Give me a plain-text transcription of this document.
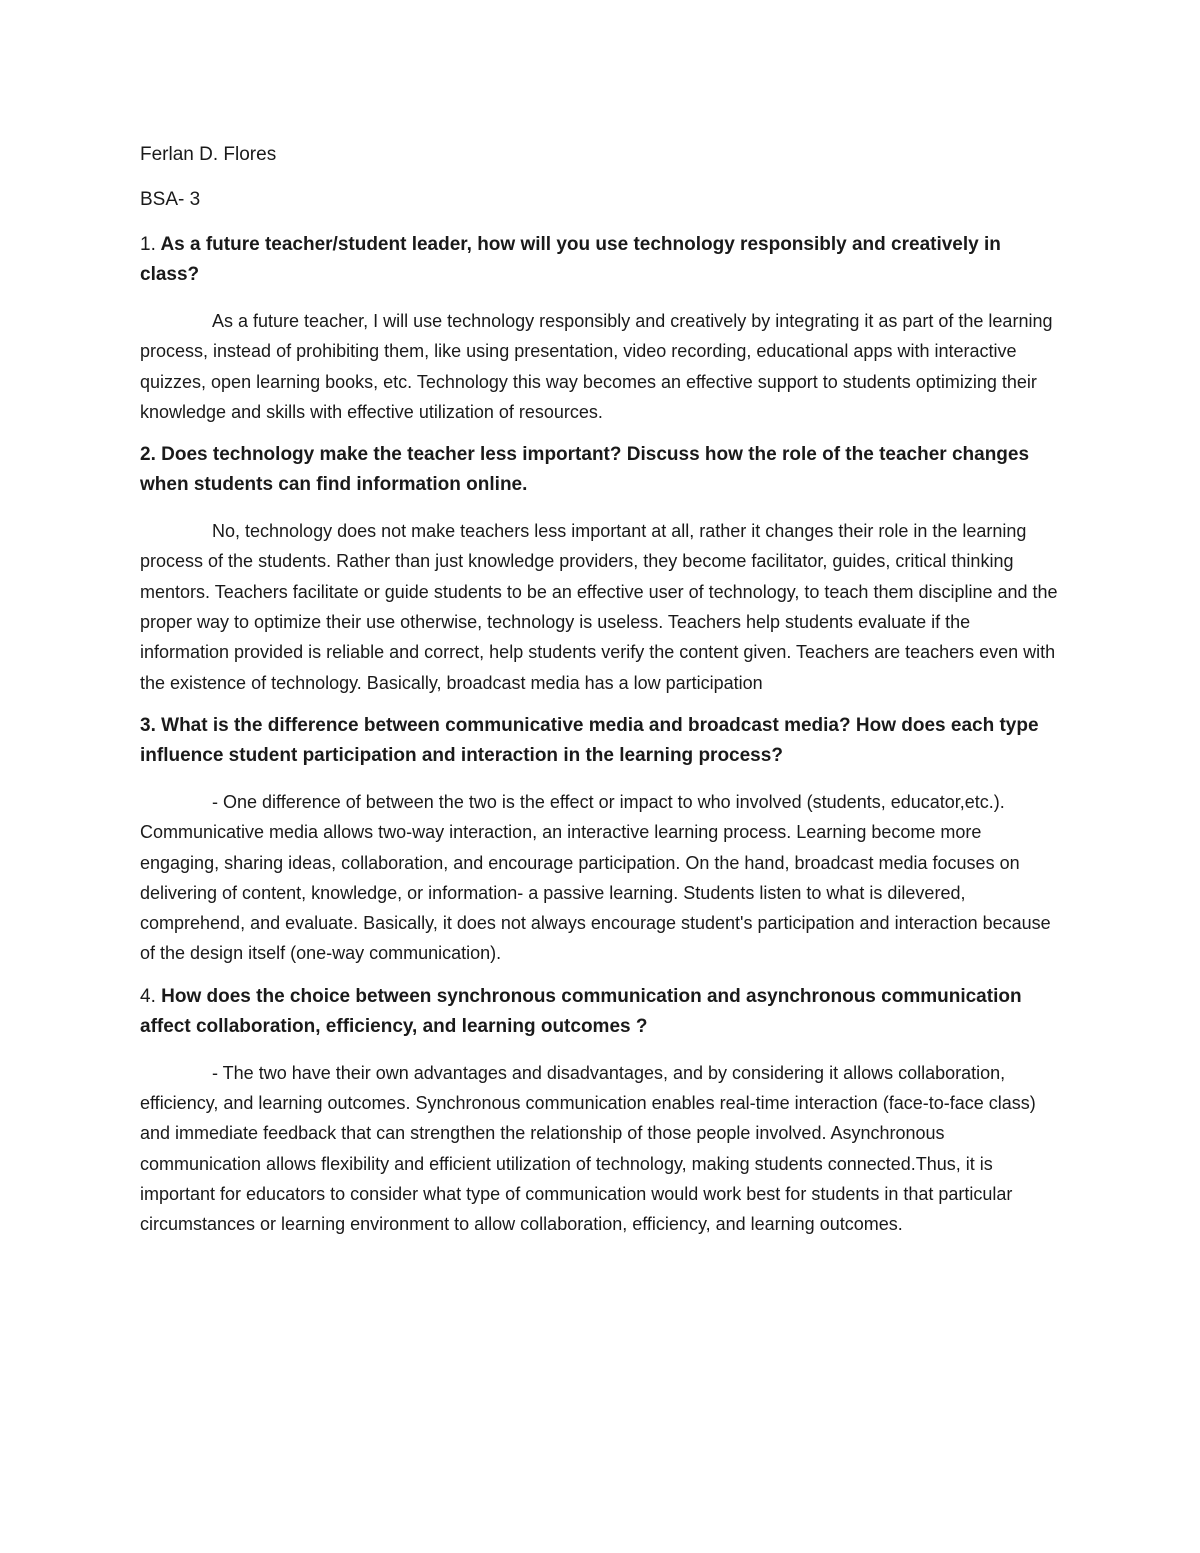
Ferlan D. Flores

BSA- 3

1. As a future teacher/student leader, how will you use technology responsibly and creatively in class?

As a future teacher, I will use technology responsibly and creatively by integrating it as part of the learning process, instead of prohibiting them, like using presentation, video recording, educational apps with interactive quizzes, open learning books, etc. Technology this way becomes an effective support to students optimizing their knowledge and skills with effective utilization of resources.

2. Does technology make the teacher less important? Discuss how the role of the teacher changes when students can find information online.

No, technology does not make teachers less important at all, rather it changes their role in the learning process of the students. Rather than just knowledge providers, they become facilitator, guides, critical thinking mentors. Teachers facilitate or guide students to be an effective user of technology, to teach them discipline and the proper way to optimize their use otherwise, technology is useless. Teachers help students evaluate if the information provided is reliable and correct, help students verify the content given. Teachers are teachers even with the existence of technology. Basically, broadcast media has a low participation

3. What is the difference between communicative media and broadcast media? How does each type influence student participation and interaction in the learning process?

- One difference of between the two is the effect or impact to who involved (students, educator,etc.). Communicative media allows two-way interaction, an interactive learning process. Learning become more engaging, sharing ideas, collaboration, and encourage participation. On the hand, broadcast media focuses on delivering of content, knowledge, or information- a passive learning. Students listen to what is dilevered, comprehend, and evaluate. Basically, it does not always encourage student's participation and interaction because of the design itself (one-way communication).

4. How does the choice between synchronous communication and asynchronous communication affect collaboration, efficiency, and learning outcomes ?

- The two have their own advantages and disadvantages, and by considering it allows collaboration, efficiency, and learning outcomes. Synchronous communication enables real-time interaction (face-to-face class) and immediate feedback that can strengthen the relationship of those people involved. Asynchronous communication allows flexibility and efficient utilization of technology, making students connected.Thus, it is important for educators to consider what type of communication would work best for students in that particular circumstances or learning environment to allow collaboration, efficiency, and learning outcomes.
